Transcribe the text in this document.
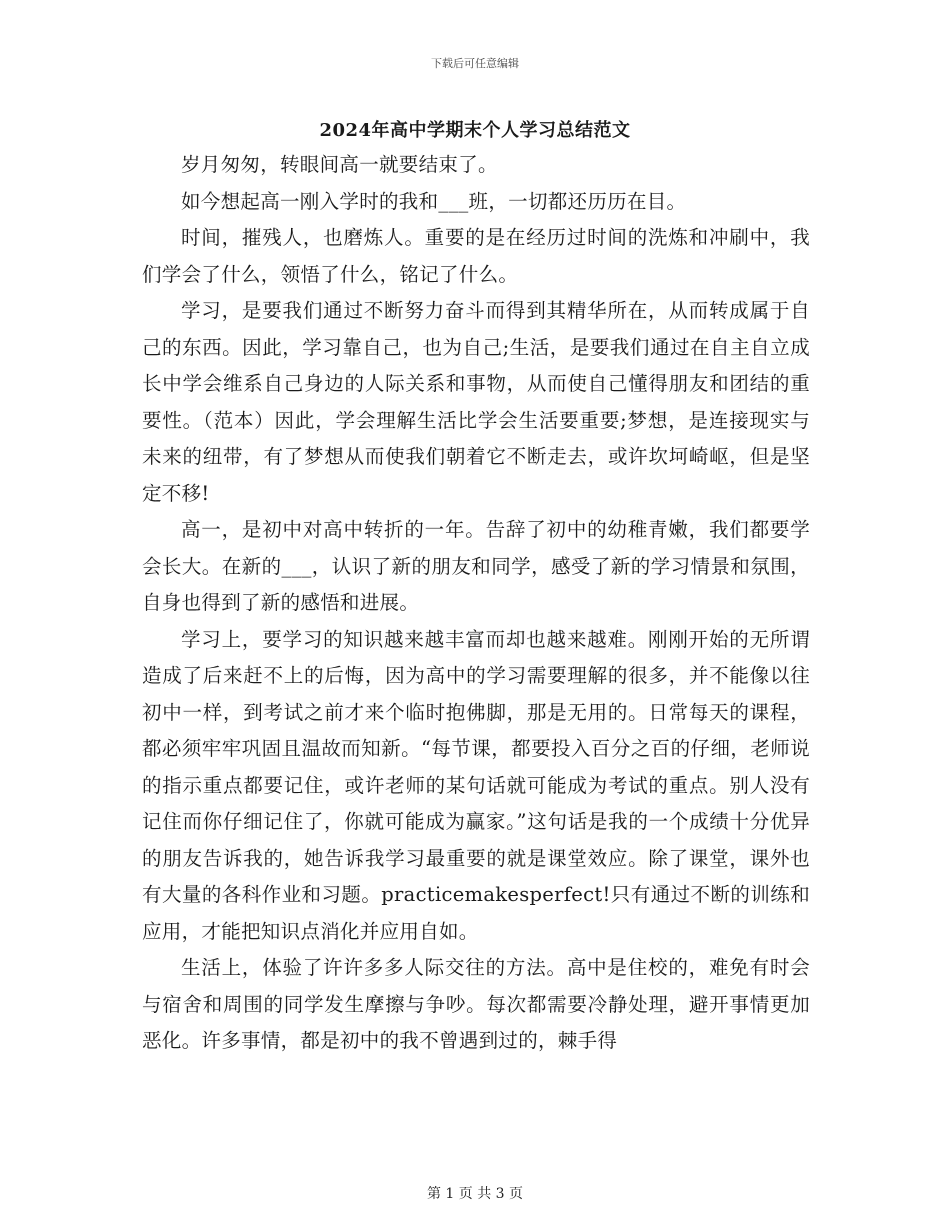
下载后可任意编辑
2024年高中学期末个人学习总结范文

岁月匆匆，转眼间高一就要结束了。

如今想起高一刚入学时的我和___班，一切都还历历在目。

时间，摧残人，也磨炼人。重要的是在经历过时间的洗炼和冲刷中，我们学会了什么，领悟了什么，铭记了什么。

学习，是要我们通过不断努力奋斗而得到其精华所在，从而转成属于自己的东西。因此，学习靠自己，也为自己;生活，是要我们通过在自主自立成长中学会维系自己身边的人际关系和事物，从而使自己懂得朋友和团结的重要性。（范本）因此，学会理解生活比学会生活要重要;梦想，是连接现实与未来的纽带，有了梦想从而使我们朝着它不断走去，或许坎坷崎岖，但是坚定不移!

高一，是初中对高中转折的一年。告辞了初中的幼稚青嫩，我们都要学会长大。在新的___，认识了新的朋友和同学，感受了新的学习情景和氛围，自身也得到了新的感悟和进展。

学习上，要学习的知识越来越丰富而却也越来越难。刚刚开始的无所谓造成了后来赶不上的后悔，因为高中的学习需要理解的很多，并不能像以往初中一样，到考试之前才来个临时抱佛脚，那是无用的。日常每天的课程，都必须牢牢巩固且温故而知新。“每节课，都要投入百分之百的仔细，老师说的指示重点都要记住，或许老师的某句话就可能成为考试的重点。别人没有记住而你仔细记住了，你就可能成为赢家。”这句话是我的一个成绩十分优异的朋友告诉我的，她告诉我学习最重要的就是课堂效应。除了课堂，课外也有大量的各科作业和习题。practicemakesperfect!只有通过不断的训练和应用，才能把知识点消化并应用自如。

生活上，体验了许许多多人际交往的方法。高中是住校的，难免有时会与宿舍和周围的同学发生摩擦与争吵。每次都需要冷静处理，避开事情更加恶化。许多事情，都是初中的我不曾遇到过的，棘手得

第 1 页 共 3 页
